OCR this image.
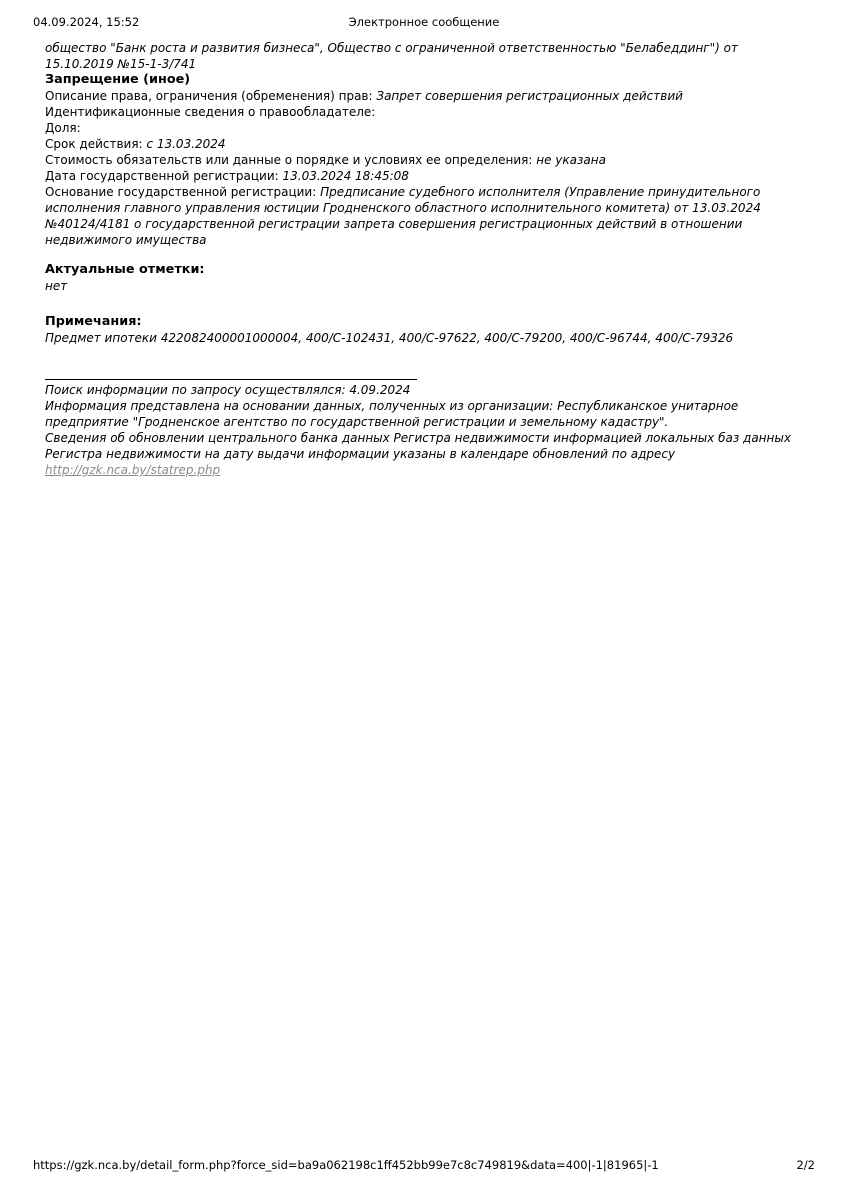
04.09.2024, 15:52	Электронное сообщение

общество "Банк роста и развития бизнеса", Общество с ограниченной ответственностью "Белабеддинг") от 15.10.2019 №15-1-3/741

Запрещение (иное)
Описание права, ограничения (обременения) прав: Запрет совершения регистрационных действий
Идентификационные сведения о правообладателе:
Доля:
Срок действия: с 13.03.2024
Стоимость обязательств или данные о порядке и условиях ее определения: не указана
Дата государственной регистрации: 13.03.2024 18:45:08
Основание государственной регистрации: Предписание судебного исполнителя (Управление принудительного исполнения главного управления юстиции Гродненского областного исполнительного комитета) от 13.03.2024 №40124/4181 о государственной регистрации запрета совершения регистрационных действий в отношении недвижимого имущества
Актуальные отметки:
нет
Примечания:
Предмет ипотеки 422082400001000004, 400/С-102431, 400/С-97622, 400/С-79200, 400/С-96744, 400/С-79326

Поиск информации по запросу осуществлялся: 4.09.2024

Информация представлена на основании данных, полученных из организации: Республиканское унитарное предприятие "Гродненское агентство по государственной регистрации и земельному кадастру".

Сведения об обновлении центрального банка данных Регистра недвижимости информацией локальных баз данных Регистра недвижимости на дату выдачи информации указаны в календаре обновлений по адресу

http://gzk.nca.by/statrep.php
https://gzk.nca.by/detail_form.php?force_sid=ba9a062198c1ff452bb99e7c8c749819&data=400|-1|81965|-1	2/2
